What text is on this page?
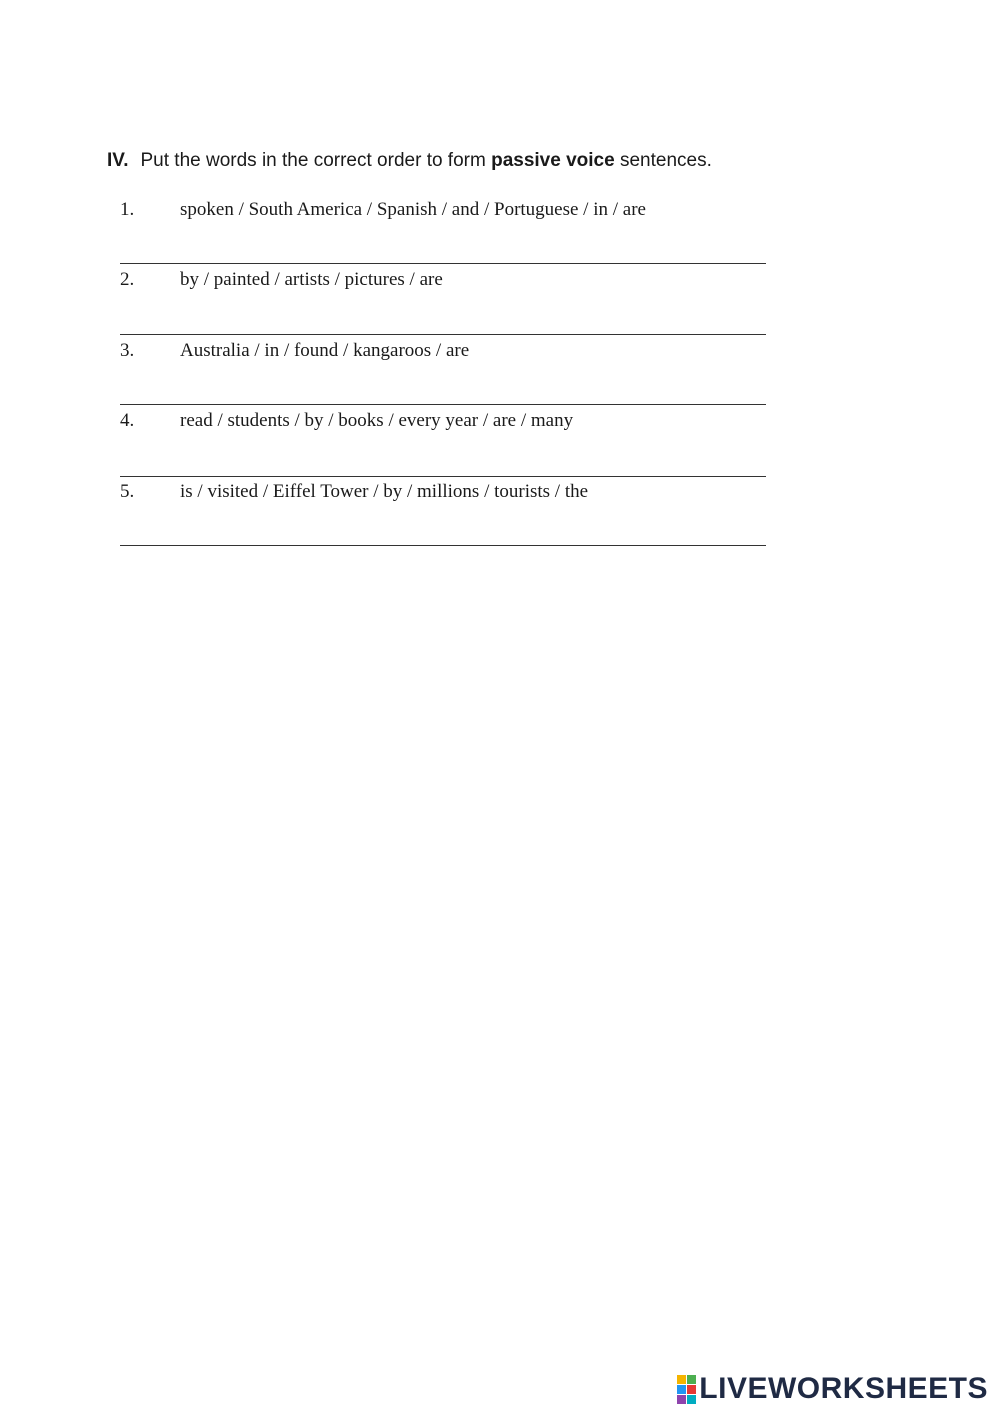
IV. Put the words in the correct order to form passive voice sentences.
1. spoken / South America / Spanish / and / Portuguese / in / are
2. by / painted / artists / pictures / are
3. Australia / in / found / kangaroos / are
4. read / students / by / books / every year / are / many
5. is / visited / Eiffel Tower / by / millions / tourists / the
LIVEWORKSHEETS
